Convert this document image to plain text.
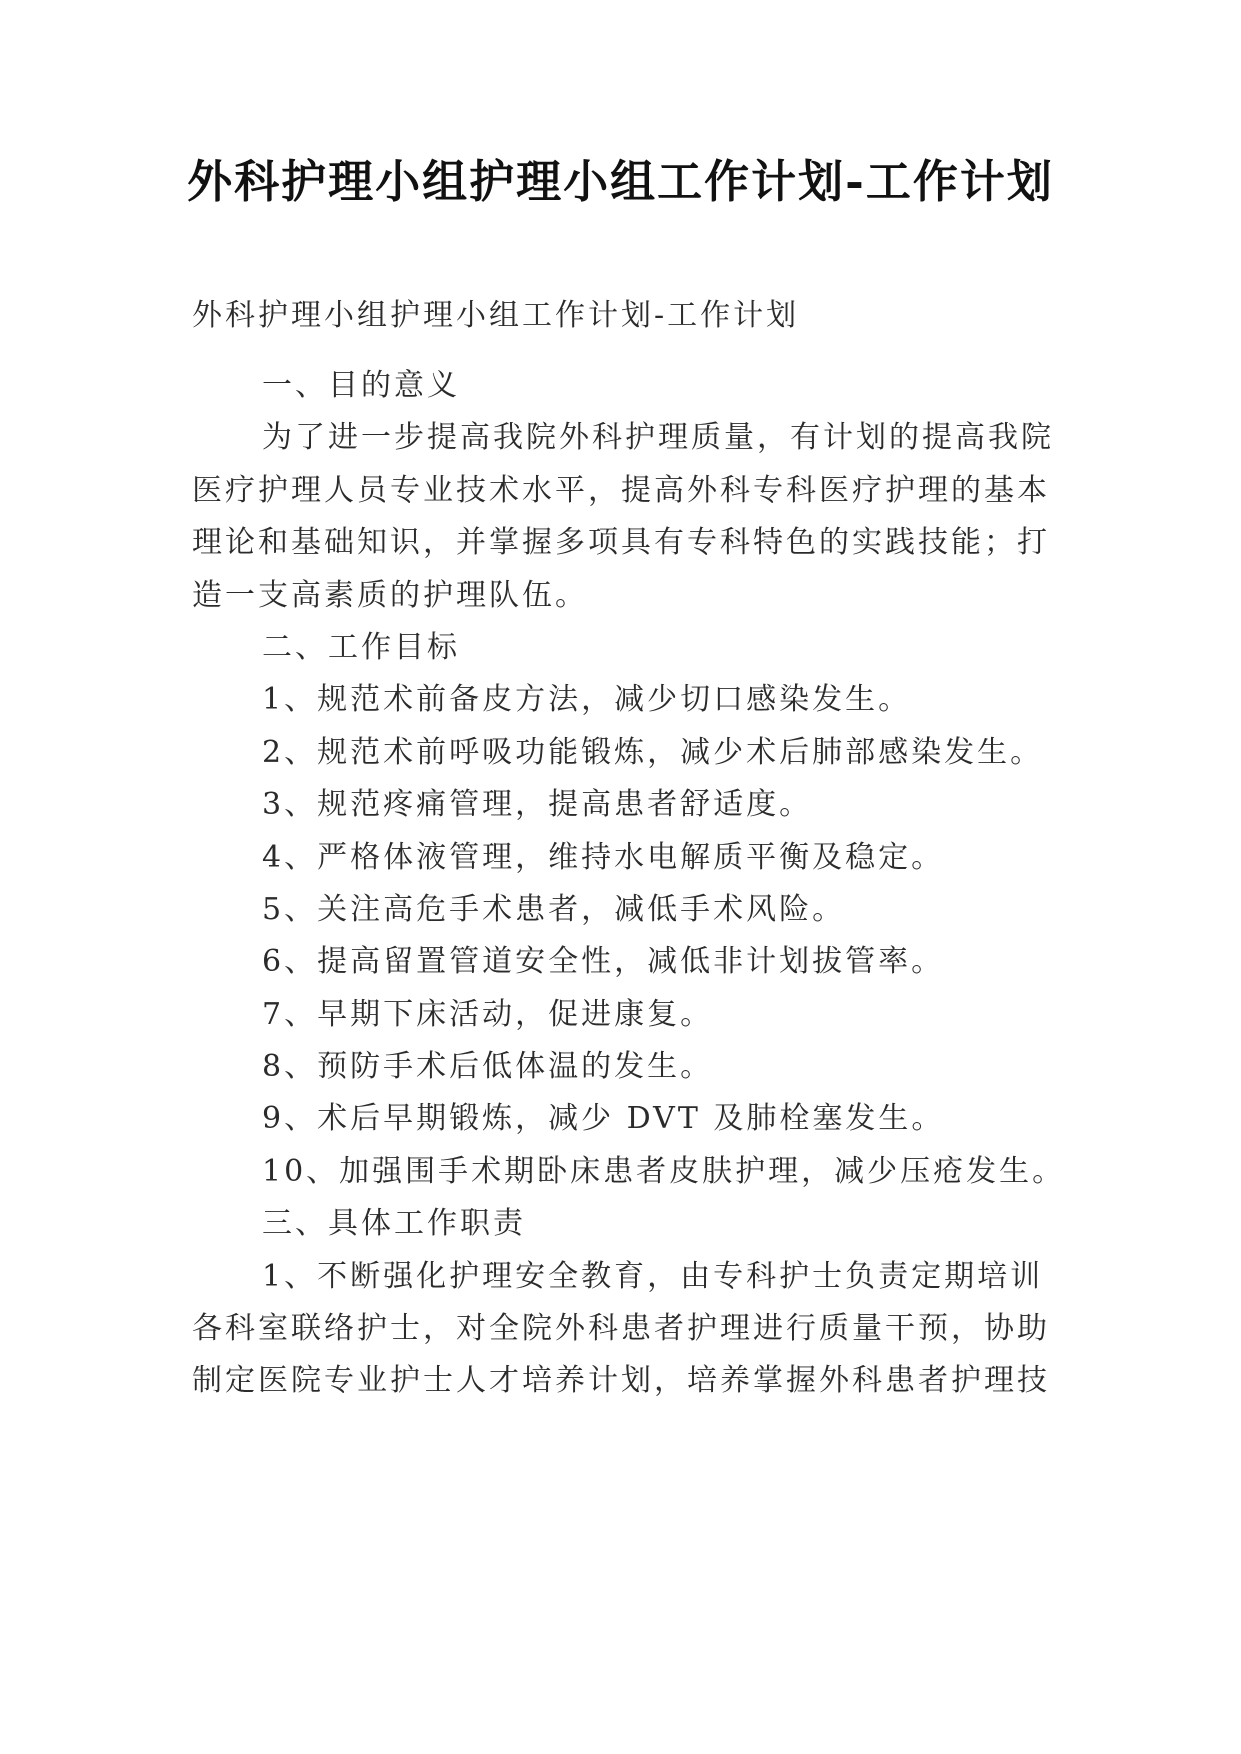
外科护理小组护理小组工作计划-工作计划
外科护理小组护理小组工作计划-工作计划
一、目的意义
为了进一步提高我院外科护理质量，有计划的提高我院
医疗护理人员专业技术水平，提高外科专科医疗护理的基本
理论和基础知识，并掌握多项具有专科特色的实践技能；打
造一支高素质的护理队伍。
二、工作目标
1、规范术前备皮方法，减少切口感染发生。
2、规范术前呼吸功能锻炼，减少术后肺部感染发生。
3、规范疼痛管理，提高患者舒适度。
4、严格体液管理，维持水电解质平衡及稳定。
5、关注高危手术患者，减低手术风险。
6、提高留置管道安全性，减低非计划拔管率。
7、早期下床活动，促进康复。
8、预防手术后低体温的发生。
9、术后早期锻炼，减少 DVT 及肺栓塞发生。
10、加强围手术期卧床患者皮肤护理，减少压疮发生。
三、具体工作职责
1、不断强化护理安全教育，由专科护士负责定期培训
各科室联络护士，对全院外科患者护理进行质量干预，协助
制定医院专业护士人才培养计划，培养掌握外科患者护理技
